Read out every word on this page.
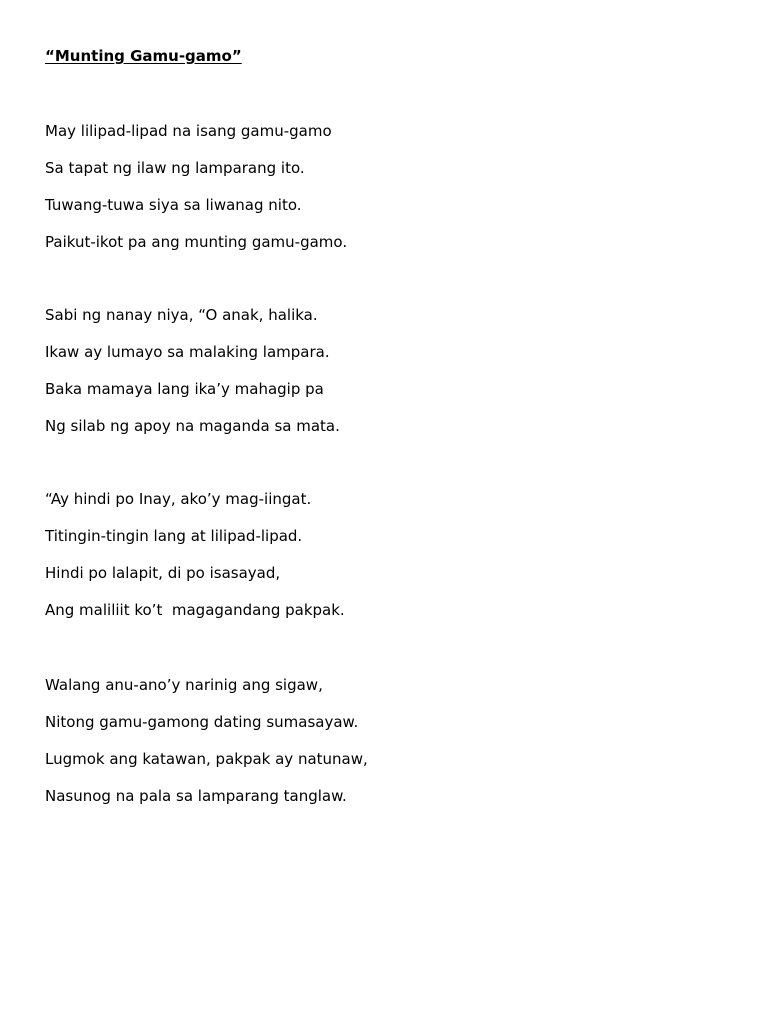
“Munting Gamu-gamo”
May lilipad-lipad na isang gamu-gamo
Sa tapat ng ilaw ng lamparang ito.
Tuwang-tuwa siya sa liwanag nito.
Paikut-ikot pa ang munting gamu-gamo.
Sabi ng nanay niya, “O anak, halika.
Ikaw ay lumayo sa malaking lampara.
Baka mamaya lang ika’y mahagip pa
Ng silab ng apoy na maganda sa mata.
“Ay hindi po Inay, ako’y mag-iingat.
Titingin-tingin lang at lilipad-lipad.
Hindi po lalapit, di po isasayad,
Ang maliliit ko’t  magagandang pakpak.
Walang anu-ano’y narinig ang sigaw,
Nitong gamu-gamong dating sumasayaw.
Lugmok ang katawan, pakpak ay natunaw,
Nasunog na pala sa lamparang tanglaw.
